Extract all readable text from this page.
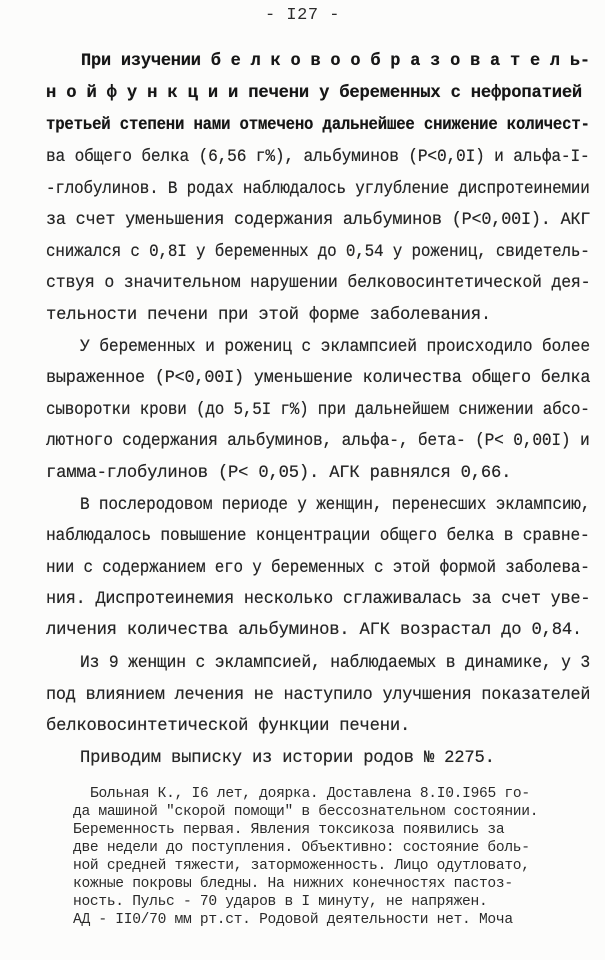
- I27 -
При изучении б е л к о в о о б р а з о в а т е л ь-
н о й ф у н к ц и и печени у беременных с нефропатией
третьей степени нами отмечено дальнейшее снижение количест-
ва общего белка (6,56 г%), альбуминов (Р<0,0I) и альфа-I-
-глобулинов. В родах наблюдалось углубление диспротеинемии
за счет уменьшения содержания альбуминов (Р<0,00I). АКГ
снижался с 0,8I у беременных до 0,54 у рожениц, свидетель-
ствуя о значительном нарушении белковосинтетической дея-
тельности печени при этой форме заболевания.
У беременных и рожениц с эклампсией происходило более
выраженное (Р<0,00I) уменьшение количества общего белка
сыворотки крови (до 5,5I г%) при дальнейшем снижении абсо-
лютного содержания альбуминов, альфа-, бета- (Р< 0,00I) и
гамма-глобулинов (Р< 0,05). АГК равнялся 0,66.
В послеродовом периоде у женщин, перенесших эклампсию,
наблюдалось повышение концентрации общего белка в сравне-
нии с содержанием его у беременных с этой формой заболева-
ния. Диспротеинемия несколько сглаживалась за счет уве-
личения количества альбуминов. АГК возрастал до 0,84.
Из 9 женщин с эклампсией, наблюдаемых в динамике, у 3
под влиянием лечения не наступило улучшения показателей
белковосинтетической функции печени.
Приводим выписку из истории родов № 2275.
Больная К., I6 лет, доярка. Доставлена 8.I0.I965 го-
да машиной "скорой помощи" в бессознательном состоянии.
Беременность первая. Явления токсикоза появились за
две недели до поступления. Объективно: состояние боль-
ной средней тяжести, заторможенность. Лицо одутловато,
кожные покровы бледны. На нижних конечностях пастоз-
ность. Пульс - 70 ударов в I минуту, не напряжен.
АД - II0/70 мм рт.ст. Родовой деятельности нет. Моча
